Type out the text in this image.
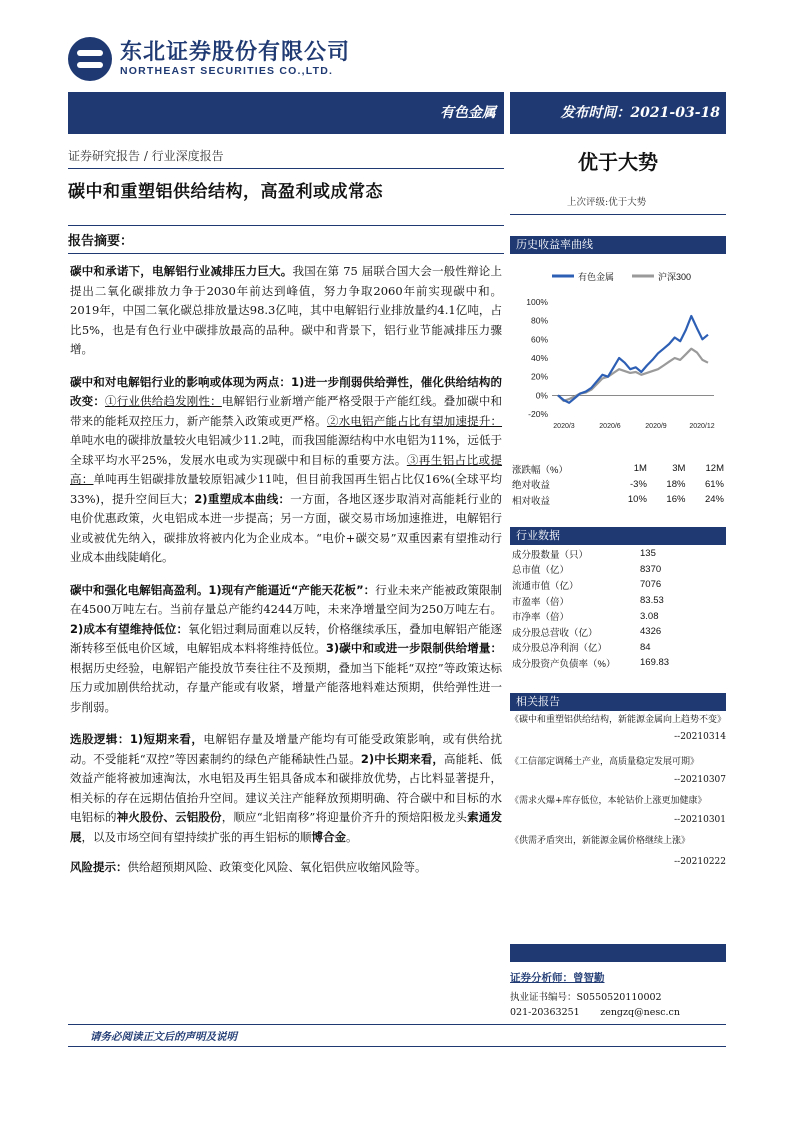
东北证券股份有限公司
NORTHEAST SECURITIES CO.,LTD.
有色金属	发布时间：2021-03-18
证券研究报告 / 行业深度报告
碳中和重塑铝供给结构，高盈利或成常态
优于大势
上次评级:优于大势
报告摘要：

碳中和承诺下，电解铝行业减排压力巨大。我国在第 75 届联合国大会一般性辩论上提出二氧化碳排放力争于2030年前达到峰值，努力争取2060年前实现碳中和。2019年，中国二氧化碳总排放量达98.3亿吨，其中电解铝行业排放量约4.1亿吨，占比5%，也是有色行业中碳排放最高的品种。碳中和背景下，铝行业节能减排压力骤增。

碳中和对电解铝行业的影响或体现为两点：1)进一步削弱供给弹性，催化供给结构的改变：①行业供给趋发刚性：电解铝行业新增产能严格受限于产能红线。叠加碳中和带来的能耗双控压力，新产能禁入政策或更严格。②水电铝产能占比有望加速提升：单吨水电的碳排放量较火电铝减少11.2吨，而我国能源结构中水电铝为11%，远低于全球平均水平25%，发展水电或为实现碳中和目标的重要方法。③再生铝占比或提高：单吨再生铝碳排放量较原铝减少11吨，但目前我国再生铝占比仅16%(全球平均33%)，提升空间巨大；2)重塑成本曲线：一方面，各地区逐步取消对高能耗行业的电价优惠政策，火电铝成本进一步提高；另一方面，碳交易市场加速推进，电解铝行业或被优先纳入，碳排放将被内化为企业成本。“电价+碳交易”双重因素有望推动行业成本曲线陡峭化。

碳中和强化电解铝高盈利。1)现有产能逼近“产能天花板”：行业未来产能被政策限制在4500万吨左右。当前存量总产能约4244万吨，未来净增量空间为250万吨左右。2)成本有望维持低位：氧化铝过剩局面难以反转，价格继续承压，叠加电解铝产能逐渐转移至低电价区域，电解铝成本料将维持低位。3)碳中和或进一步限制供给增量：根据历史经验，电解铝产能投放节奏往往不及预期，叠加当下能耗“双控”等政策达标压力或加剧供给扰动，存量产能或有收紧，增量产能落地料难达预期，供给弹性进一步削弱。

选股逻辑：1)短期来看，电解铝存量及增量产能均有可能受政策影响，或有供给扰动。不受能耗“双控”等因素制约的绿色产能稀缺性凸显。2)中长期来看，高能耗、低效益产能将被加速淘汰，水电铝及再生铝具备成本和碳排放优势，占比料显著提升，相关标的存在远期估值抬升空间。建议关注产能释放预期明确、符合碳中和目标的水电铝标的神火股份、云铝股份，顺应“北铝南移”将迎量价齐升的预焙阳极龙头索通发展，以及市场空间有望持续扩张的再生铝标的顺博合金。

风险提示：供给超预期风险、政策变化风险、氧化铝供应收缩风险等。

历史收益率曲线
有色金属	沪深300
100%
80%
60%
40%
20%
0%
-20%
2020/3	2020/6	2020/9	2020/12
涨跌幅（%）	1M	3M	12M
绝对收益	-3%	18%	61%
相对收益	10%	16%	24%
行业数据
成分股数量（只）	135
总市值（亿）	8370
流通市值（亿）	7076
市盈率（倍）	83.53
市净率（倍）	3.08
成分股总营收（亿）	4326
成分股总净利润（亿）	84
成分股资产负债率（%）	169.83
相关报告
《碳中和重塑铝供给结构，新能源金属向上趋势不变》
--20210314
《工信部定调稀土产业，高质量稳定发展可期》
--20210307
《需求火爆+库存低位，本轮钴价上涨更加健康》
--20210301
《供需矛盾突出，新能源金属价格继续上涨》
--20210222
证券分析师：曾智勤
执业证书编号：S0550520110002
021-20363251 zengzq@nesc.cn
请务必阅读正文后的声明及说明
